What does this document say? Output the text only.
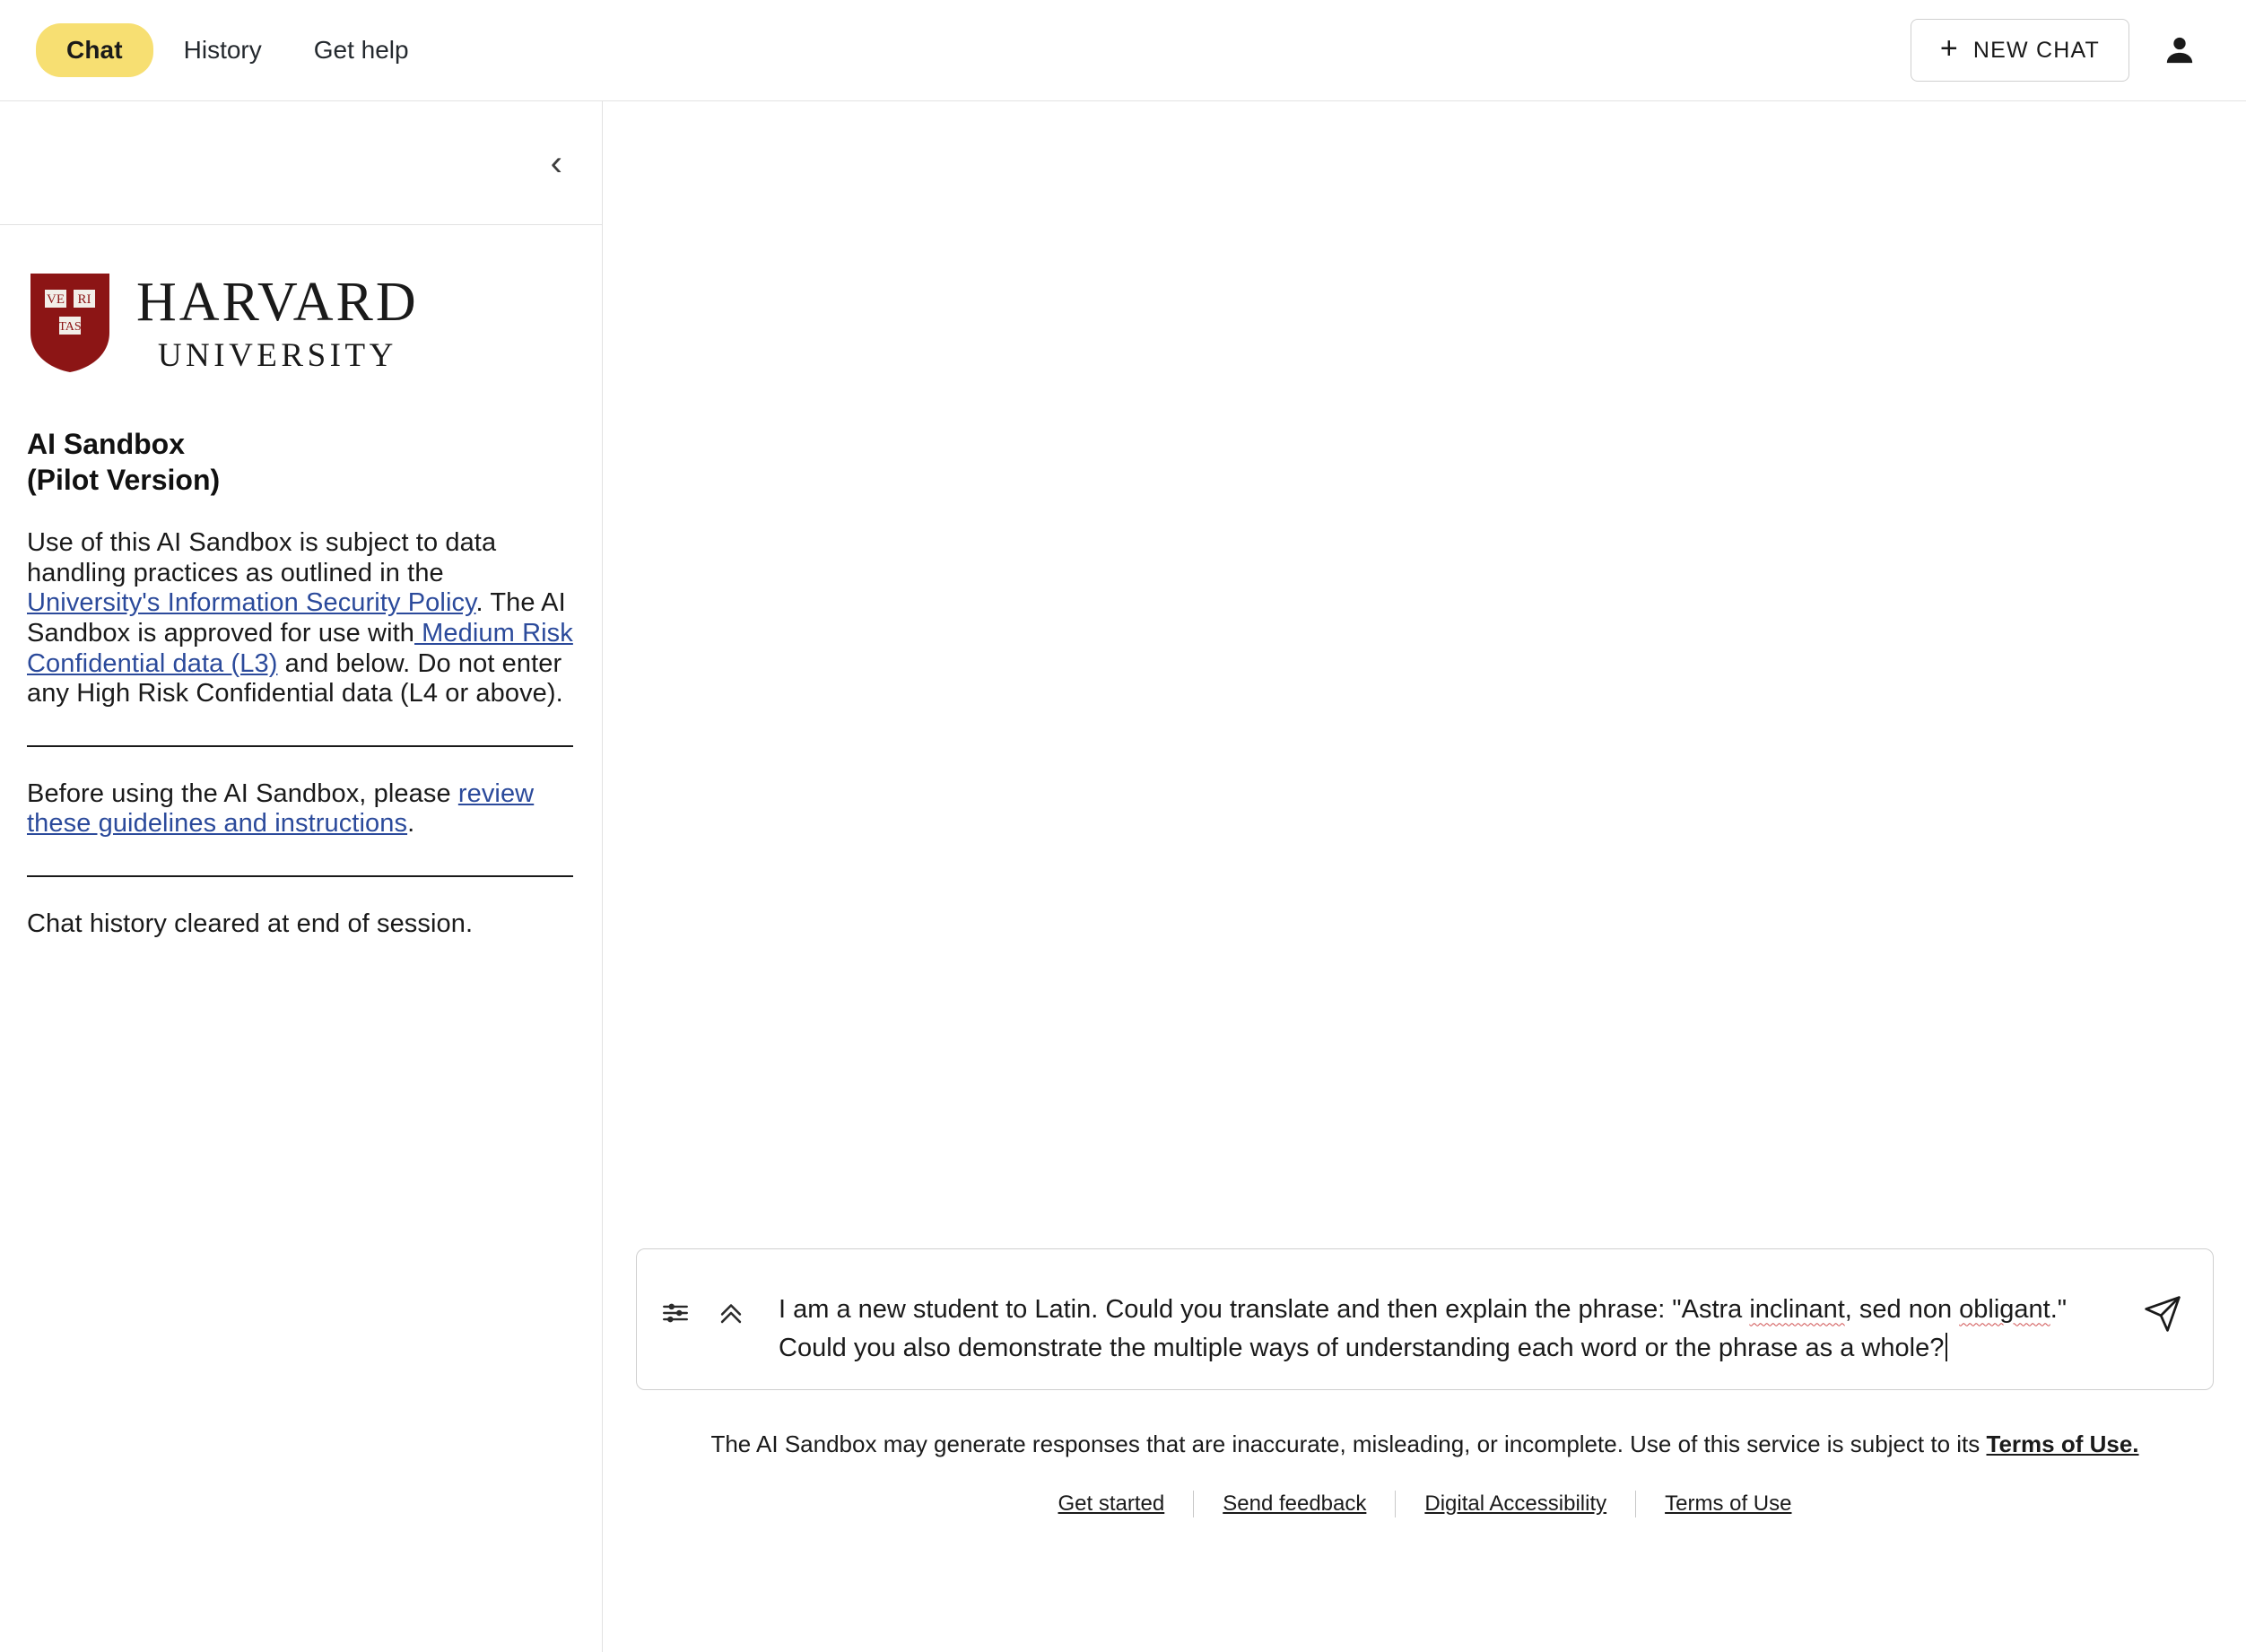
Chat	History	Get help	+ NEW CHAT
‹
VE RI
TAS HARVARD
UNIVERSITY
AI Sandbox
(Pilot Version)

Use of this AI Sandbox is subject to data handling practices as outlined in the University's Information Security Policy. The AI Sandbox is approved for use with Medium Risk Confidential data (L3) and below. Do not enter any High Risk Confidential data (L4 or above).

Before using the AI Sandbox, please review these guidelines and instructions.

Chat history cleared at end of session.

I am a new student to Latin. Could you translate and then explain the phrase: "Astra inclinant, sed non obligant."
Could you also demonstrate the multiple ways of understanding each word or the phrase as a whole?
The AI Sandbox may generate responses that are inaccurate, misleading, or incomplete. Use of this service is subject to its Terms of Use.
Get started	Send feedback	Digital Accessibility	Terms of Use
